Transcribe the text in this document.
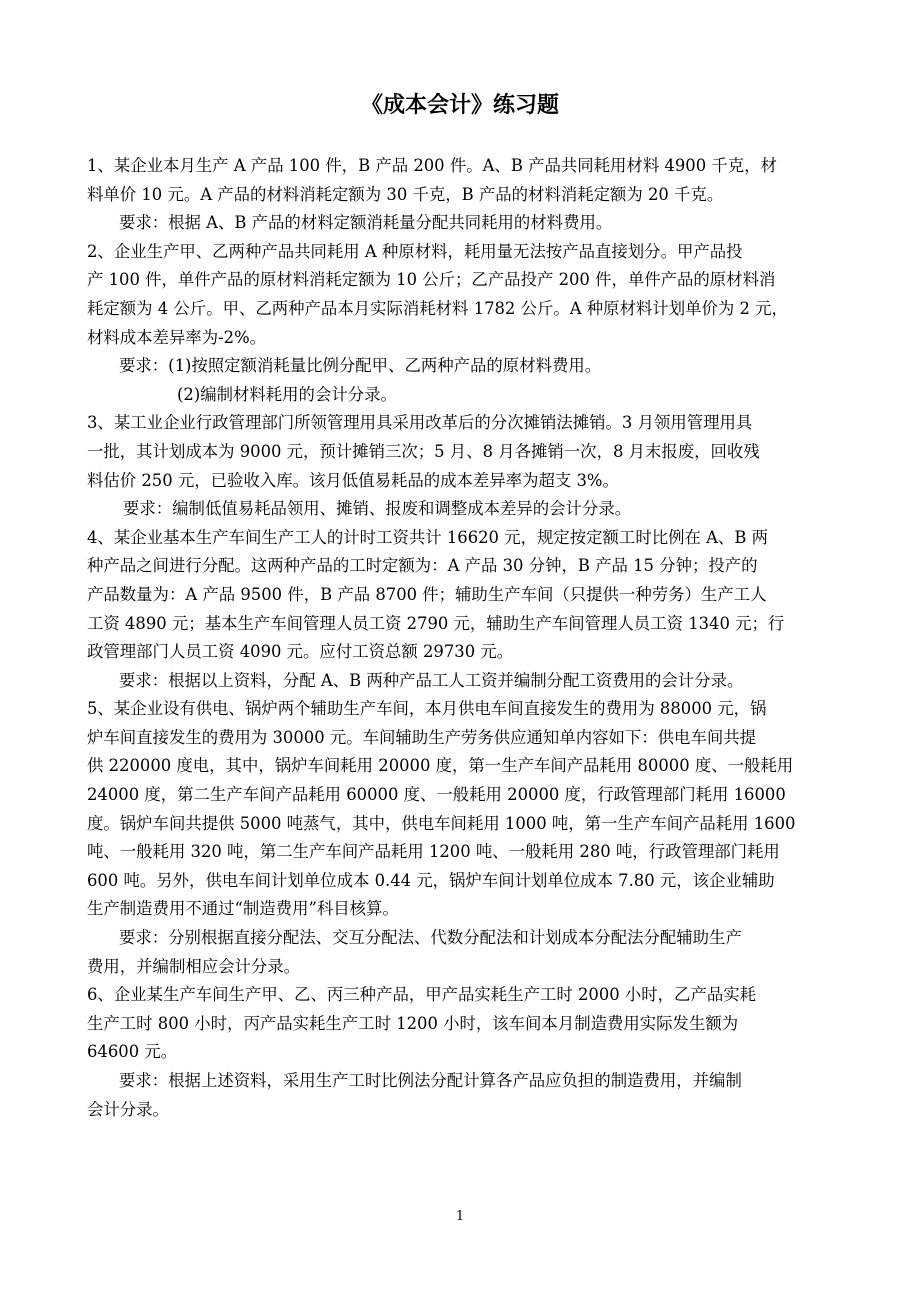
《成本会计》练习题

1、某企业本月生产 A 产品 100 件，B 产品 200 件。A、B 产品共同耗用材料 4900 千克，材

料单价 10 元。A 产品的材料消耗定额为 30 千克，B 产品的材料消耗定额为 20 千克。

要求：根据 A、B 产品的材料定额消耗量分配共同耗用的材料费用。

2、企业生产甲、乙两种产品共同耗用 A 种原材料，耗用量无法按产品直接划分。甲产品投

产 100 件，单件产品的原材料消耗定额为 10 公斤；乙产品投产 200 件，单件产品的原材料消

耗定额为 4 公斤。甲、乙两种产品本月实际消耗材料 1782 公斤。A 种原材料计划单价为 2 元，

材料成本差异率为-2%。

要求：(1)按照定额消耗量比例分配甲、乙两种产品的原材料费用。

(2)编制材料耗用的会计分录。

3、某工业企业行政管理部门所领管理用具采用改革后的分次摊销法摊销。3 月领用管理用具

一批，其计划成本为 9000 元，预计摊销三次；5 月、8 月各摊销一次，8 月末报废，回收残

料估价 250 元，已验收入库。该月低值易耗品的成本差异率为超支 3%。

要求：编制低值易耗品领用、摊销、报废和调整成本差异的会计分录。

4、某企业基本生产车间生产工人的计时工资共计 16620 元，规定按定额工时比例在 A、B 两

种产品之间进行分配。这两种产品的工时定额为：A 产品 30 分钟，B 产品 15 分钟；投产的

产品数量为：A 产品 9500 件，B 产品 8700 件；辅助生产车间（只提供一种劳务）生产工人

工资 4890 元；基本生产车间管理人员工资 2790 元，辅助生产车间管理人员工资 1340 元；行

政管理部门人员工资 4090 元。应付工资总额 29730 元。

要求：根据以上资料，分配 A、B 两种产品工人工资并编制分配工资费用的会计分录。

5、某企业设有供电、锅炉两个辅助生产车间，本月供电车间直接发生的费用为 88000 元，锅

炉车间直接发生的费用为 30000 元。车间辅助生产劳务供应通知单内容如下：供电车间共提

供 220000 度电，其中，锅炉车间耗用 20000 度，第一生产车间产品耗用 80000 度、一般耗用

24000 度，第二生产车间产品耗用 60000 度、一般耗用 20000 度，行政管理部门耗用 16000

度。锅炉车间共提供 5000 吨蒸气，其中，供电车间耗用 1000 吨，第一生产车间产品耗用 1600

吨、一般耗用 320 吨，第二生产车间产品耗用 1200 吨、一般耗用 280 吨，行政管理部门耗用

600 吨。另外，供电车间计划单位成本 0.44 元，锅炉车间计划单位成本 7.80 元，该企业辅助

生产制造费用不通过“制造费用”科目核算。

要求：分别根据直接分配法、交互分配法、代数分配法和计划成本分配法分配辅助生产

费用，并编制相应会计分录。

6、企业某生产车间生产甲、乙、丙三种产品，甲产品实耗生产工时 2000 小时，乙产品实耗

生产工时 800 小时，丙产品实耗生产工时 1200 小时，该车间本月制造费用实际发生额为

64600 元。

要求：根据上述资料，采用生产工时比例法分配计算各产品应负担的制造费用，并编制

会计分录。

1
